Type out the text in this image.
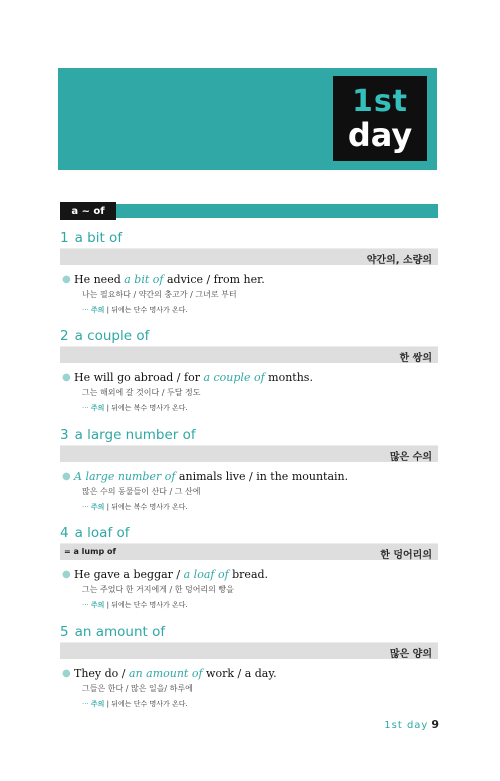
1st
day
a ~ of
1 a bit of
약간의, 소량의
● He need a bit of advice / from her.
나는 필요하다 / 약간의 충고가 / 그녀로 부터
··· 주의 | 뒤에는 단수 명사가 온다.
2 a couple of
한 쌍의
● He will go abroad / for a couple of months.
그는 해외에 갈 것이다 / 두달 정도
··· 주의 | 뒤에는 복수 명사가 온다.
3 a large number of
많은 수의
● A large number of animals live / in the mountain.
많은 수의 동물들이 산다 / 그 산에
··· 주의 | 뒤에는 복수 명사가 온다.
4 a loaf of
= a lump of	한 덩어리의
● He gave a beggar / a loaf of bread.
그는 주었다 한 거지에게 / 한 덩어리의 빵을
··· 주의 | 뒤에는 단수 명사가 온다.
5 an amount of
많은 양의
● They do / an amount of work / a day.
그들은 한다 / 많은 일을/ 하루에
··· 주의 | 뒤에는 단수 명사가 온다.
1st day 9
